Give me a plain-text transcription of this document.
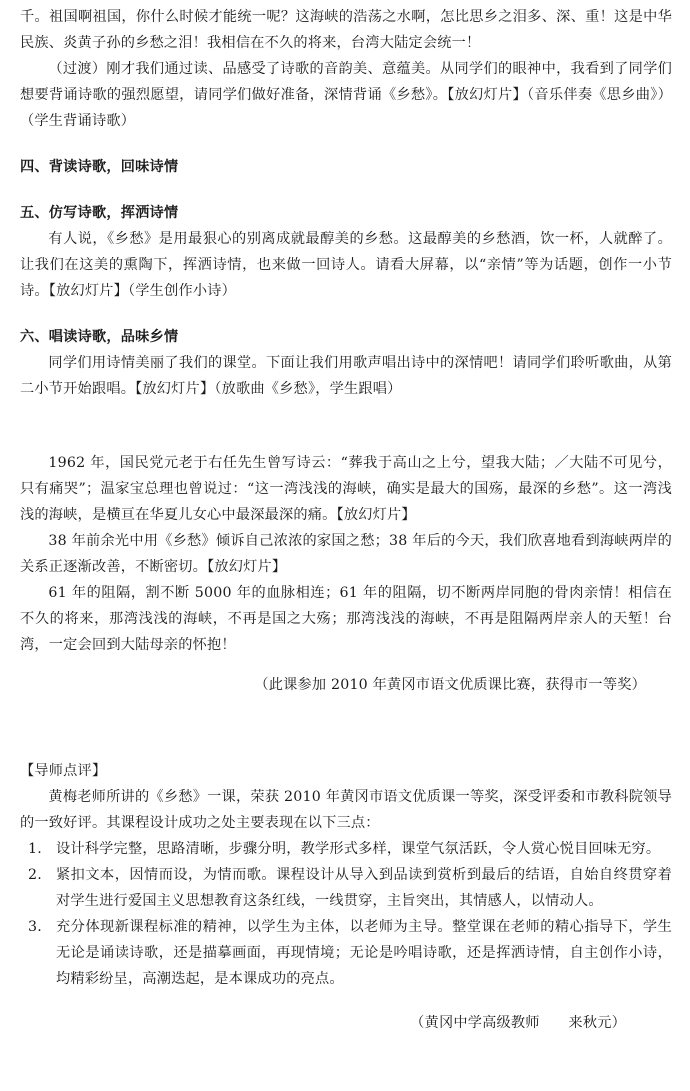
千。祖国啊祖国，你什么时候才能统一呢？这海峡的浩荡之水啊，怎比思乡之泪多、深、重！这是中华民族、炎黄子孙的乡愁之泪！我相信在不久的将来，台湾大陆定会统一！

（过渡）刚才我们通过读、品感受了诗歌的音韵美、意蕴美。从同学们的眼神中，我看到了同学们想要背诵诗歌的强烈愿望，请同学们做好准备，深情背诵《乡愁》。【放幻灯片】（音乐伴奏《思乡曲》）（学生背诵诗歌）

四、背读诗歌，回味诗情
五、仿写诗歌，挥洒诗情

有人说，《乡愁》是用最狠心的别离成就最醇美的乡愁。这最醇美的乡愁酒，饮一杯，人就醉了。让我们在这美的熏陶下，挥洒诗情，也来做一回诗人。请看大屏幕，以“亲情”等为话题，创作一小节诗。【放幻灯片】（学生创作小诗）

六、唱读诗歌，品味乡情

同学们用诗情美丽了我们的课堂。下面让我们用歌声唱出诗中的深情吧！请同学们聆听歌曲，从第二小节开始跟唱。【放幻灯片】（放歌曲《乡愁》，学生跟唱）

1962 年，国民党元老于右任先生曾写诗云：“葬我于高山之上兮，望我大陆；／大陆不可见兮，只有痛哭”；温家宝总理也曾说过：“这一湾浅浅的海峡，确实是最大的国殇，最深的乡愁”。这一湾浅浅的海峡，是横亘在华夏儿女心中最深最深的痛。【放幻灯片】

38 年前余光中用《乡愁》倾诉自己浓浓的家国之愁；38 年后的今天，我们欣喜地看到海峡两岸的关系正逐渐改善，不断密切。【放幻灯片】

61 年的阻隔，割不断 5000 年的血脉相连；61 年的阻隔，切不断两岸同胞的骨肉亲情！相信在不久的将来，那湾浅浅的海峡，不再是国之大殇；那湾浅浅的海峡，不再是阻隔两岸亲人的天堑！台湾，一定会回到大陆母亲的怀抱！

（此课参加 2010 年黄冈市语文优质课比赛，获得市一等奖）

【导师点评】

黄梅老师所讲的《乡愁》一课，荣获 2010 年黄冈市语文优质课一等奖，深受评委和市教科院领导的一致好评。其课程设计成功之处主要表现在以下三点：

1. 设计科学完整，思路清晰，步骤分明，教学形式多样，课堂气氛活跃，令人赏心悦目回味无穷。
2. 紧扣文本，因情而设，为情而歌。课程设计从导入到品读到赏析到最后的结语，自始自终贯穿着对学生进行爱国主义思想教育这条红线，一线贯穿，主旨突出，其情感人，以情动人。
3. 充分体现新课程标准的精神，以学生为主体，以老师为主导。整堂课在老师的精心指导下，学生无论是诵读诗歌，还是描摹画面，再现情境；无论是吟唱诗歌，还是挥洒诗情，自主创作小诗，均精彩纷呈，高潮迭起，是本课成功的亮点。

（黄冈中学高级教师　　来秋元）
